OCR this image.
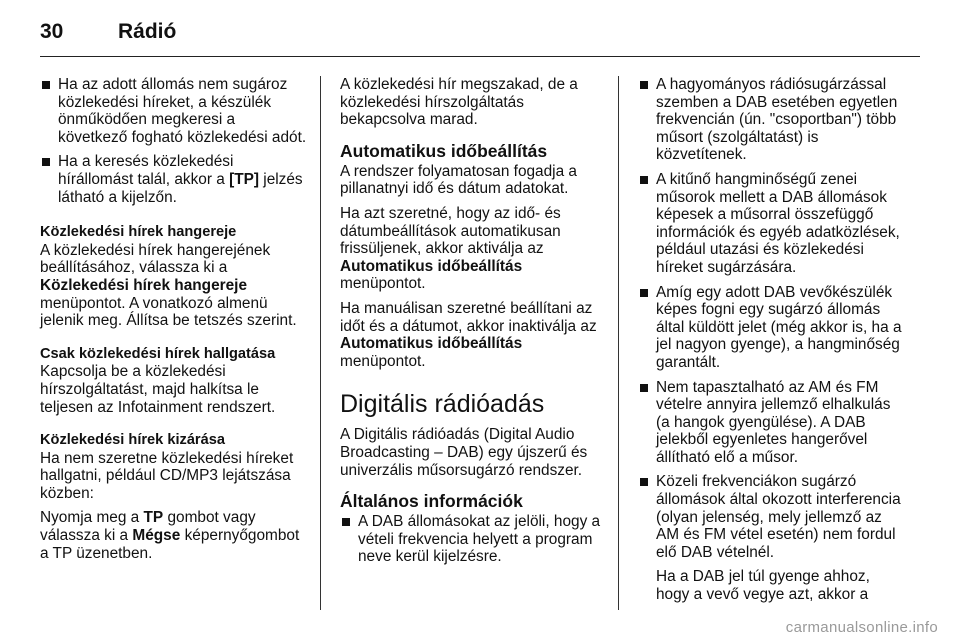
30	Rádió
Ha az adott állomás nem sugároz közlekedési híreket, a készülék önműködően megkeresi a következő fogható közlekedési adót.
Ha a keresés közlekedési hírállomást talál, akkor a [TP] jelzés látható a kijelzőn.
Közlekedési hírek hangereje

A közlekedési hírek hangerejének beállításához, válassza ki a Közlekedési hírek hangereje menüpontot. A vonatkozó almenü jelenik meg. Állítsa be tetszés szerint.

Csak közlekedési hírek hallgatása

Kapcsolja be a közlekedési hírszolgáltatást, majd halkítsa le teljesen az Infotainment rendszert.

Közlekedési hírek kizárása

Ha nem szeretne közlekedési híreket hallgatni, például CD/MP3 lejátszása közben:

Nyomja meg a TP gombot vagy válassza ki a Mégse képernyőgombot a TP üzenetben.

A közlekedési hír megszakad, de a közlekedési hírszolgáltatás bekapcsolva marad.

Automatikus időbeállítás

A rendszer folyamatosan fogadja a pillanatnyi idő és dátum adatokat.

Ha azt szeretné, hogy az idő- és dátumbeállítások automatikusan frissüljenek, akkor aktiválja az Automatikus időbeállítás menüpontot.

Ha manuálisan szeretné beállítani az időt és a dátumot, akkor inaktiválja az Automatikus időbeállítás menüpontot.

Digitális rádióadás

A Digitális rádióadás (Digital Audio Broadcasting – DAB) egy újszerű és univerzális műsorsugárzó rendszer.

Általános információk
A DAB állomásokat az jelöli, hogy a vételi frekvencia helyett a program neve kerül kijelzésre.
A hagyományos rádiósugárzással szemben a DAB esetében egyetlen frekvencián (ún. "csoportban") több műsort (szolgáltatást) is közvetítenek.
A kitűnő hangminőségű zenei műsorok mellett a DAB állomások képesek a műsorral összefüggő információk és egyéb adatközlések, például utazási és közlekedési híreket sugárzására.
Amíg egy adott DAB vevőkészülék képes fogni egy sugárzó állomás által küldött jelet (még akkor is, ha a jel nagyon gyenge), a hangminőség garantált.
Nem tapasztalható az AM és FM vételre annyira jellemző elhalkulás (a hangok gyengülése). A DAB jelekből egyenletes hangerővel állítható elő a műsor.
Közeli frekvenciákon sugárzó állomások által okozott interferencia (olyan jelenség, mely jellemző az AM és FM vétel esetén) nem fordul elő DAB vételnél.

Ha a DAB jel túl gyenge ahhoz, hogy a vevő vegye azt, akkor a

carmanualsonline.info
